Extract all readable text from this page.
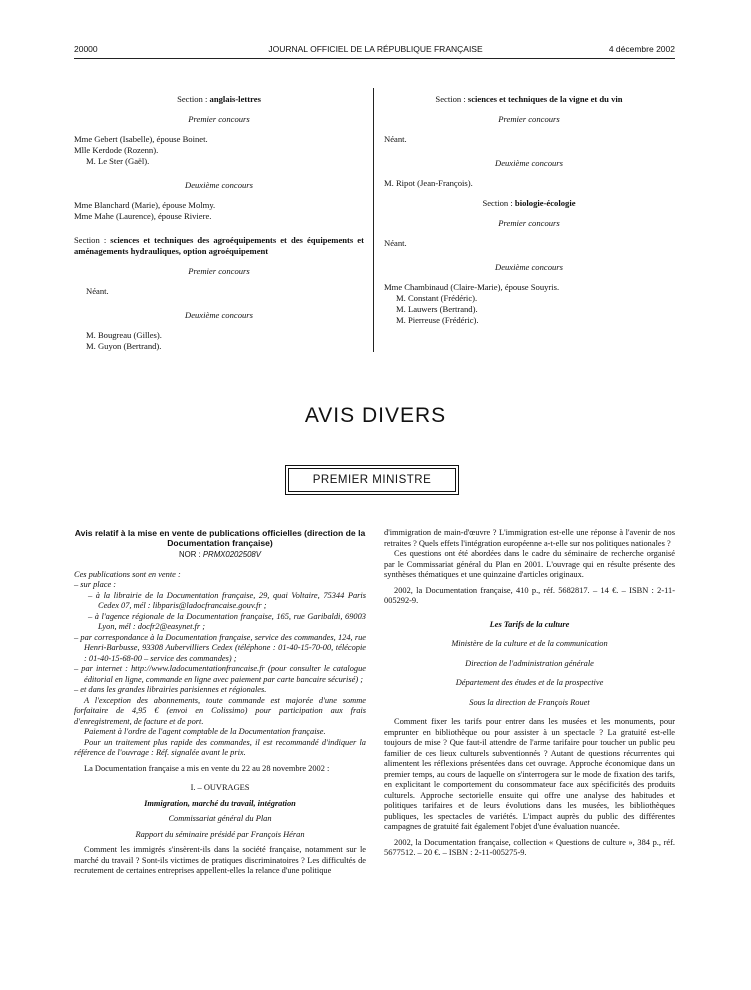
20000	JOURNAL OFFICIEL DE LA RÉPUBLIQUE FRANÇAISE	4 décembre 2002

Section : anglais-lettres

Premier concours

Mme Gebert (Isabelle), épouse Boinet.

Mlle Kerdode (Rozenn).

M. Le Ster (Gaël).

Deuxième concours

Mme Blanchard (Marie), épouse Molmy.

Mme Mahe (Laurence), épouse Riviere.

Section : sciences et techniques des agroéquipements et des équipements et aménagements hydrauliques, option agroéquipement

Premier concours

Néant.

Deuxième concours

M. Bougreau (Gilles).

M. Guyon (Bertrand).

Section : sciences et techniques de la vigne et du vin

Premier concours

Néant.

Deuxième concours

M. Ripot (Jean-François).

Section : biologie-écologie

Premier concours

Néant.

Deuxième concours

Mme Chambinaud (Claire-Marie), épouse Souyris.

M. Constant (Frédéric).

M. Lauwers (Bertrand).

M. Pierreuse (Frédéric).

AVIS DIVERS
PREMIER MINISTRE

Avis relatif à la mise en vente de publications officielles (direction de la Documentation française)

NOR : PRMX0202508V

Ces publications sont en vente :

– sur place :

– à la librairie de la Documentation française, 29, quai Voltaire, 75344 Paris Cedex 07, mél : libparis@ladocfrancaise.gouv.fr ;

– à l'agence régionale de la Documentation française, 165, rue Garibaldi, 69003 Lyon, mél : docfr2@easynet.fr ;

– par correspondance à la Documentation française, service des commandes, 124, rue Henri-Barbusse, 93308 Aubervilliers Cedex (téléphone : 01-40-15-70-00, télécopie : 01-40-15-68-00 – service des commandes) ;

– par internet : http://www.ladocumentationfrancaise.fr (pour consulter le catalogue éditorial en ligne, commande en ligne avec paiement par carte bancaire sécurisé) ;

– et dans les grandes librairies parisiennes et régionales.

A l'exception des abonnements, toute commande est majorée d'une somme forfaitaire de 4,95 € (envoi en Colissimo) pour participation aux frais d'enregistrement, de facture et de port.

Paiement à l'ordre de l'agent comptable de la Documentation française.

Pour un traitement plus rapide des commandes, il est recommandé d'indiquer la référence de l'ouvrage : Réf. signalée avant le prix.

La Documentation française a mis en vente du 22 au 28 novembre 2002 :

I. – OUVRAGES

Immigration, marché du travail, intégration

Commissariat général du Plan

Rapport du séminaire présidé par François Héran

Comment les immigrés s'insèrent-ils dans la société française, notamment sur le marché du travail ? Sont-ils victimes de pratiques discriminatoires ? Les difficultés de recrutement de certaines entreprises appellent-elles la relance d'une politique

d'immigration de main-d'œuvre ? L'immigration est-elle une réponse à l'avenir de nos retraites ? Quels effets l'intégration européenne a-t-elle sur nos politiques nationales ?

Ces questions ont été abordées dans le cadre du séminaire de recherche organisé par le Commissariat général du Plan en 2001. L'ouvrage qui en résulte présente des synthèses thématiques et une quinzaine d'articles originaux.

2002, la Documentation française, 410 p., réf. 5682817. – 14 €. – ISBN : 2-11-005292-9.

Les Tarifs de la culture

Ministère de la culture et de la communication

Direction de l'administration générale

Département des études et de la prospective

Sous la direction de François Rouet

Comment fixer les tarifs pour entrer dans les musées et les monuments, pour emprunter en bibliothèque ou pour assister à un spectacle ? La gratuité est-elle toujours de mise ? Que faut-il attendre de l'arme tarifaire pour toucher un public peu familier de ces lieux culturels subventionnés ? Autant de questions récurrentes qui alimentent les réflexions présentées dans cet ouvrage. Approche économique dans un premier temps, au cours de laquelle on s'interrogera sur le mode de fixation des tarifs, en explicitant le comportement du consommateur face aux spécificités des produits culturels. Approche sectorielle ensuite qui offre une analyse des habitudes et politiques tarifaires et de leurs évolutions dans les musées, les bibliothèques publiques, les spectacles de variétés. L'impact auprès du public des différentes campagnes de gratuité fait également l'objet d'une évaluation nuancée.

2002, la Documentation française, collection « Questions de culture », 384 p., réf. 5677512. – 20 €. – ISBN : 2-11-005275-9.
